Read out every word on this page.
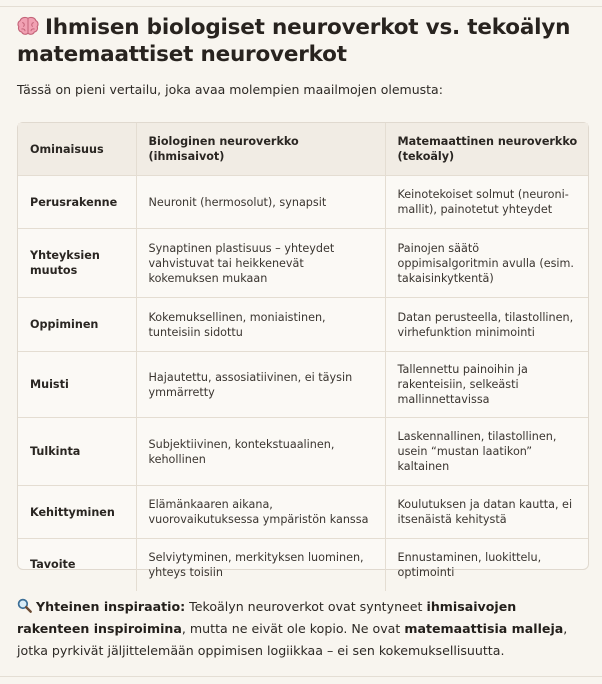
Ihmisen biologiset neuroverkot vs. tekoälyn matemaattiset neuroverkot

Tässä on pieni vertailu, joka avaa molempien maailmojen olemusta:

Ominaisuus	Biologinen neuroverkko (ihmisaivot)	Matemaattinen neuroverkko (tekoäly)
Perusrakenne	Neuronit (hermosolut), synapsit	Keinotekoiset solmut (neuroni-mallit), painotetut yhteydet
Yhteyksien muutos	Synaptinen plastisuus – yhteydet vahvistuvat tai heikkenevät kokemuksen mukaan	Painojen säätö oppimisalgoritmin avulla (esim. takaisinkytkentä)
Oppiminen	Kokemuksellinen, moniaistinen, tunteisiin sidottu	Datan perusteella, tilastollinen, virhefunktion minimointi
Muisti	Hajautettu, assosiatiivinen, ei täysin ymmärretty	Tallennettu painoihin ja rakenteisiin, selkeästi mallinnettavissa
Tulkinta	Subjektiivinen, kontekstuaalinen, kehollinen	Laskennallinen, tilastollinen, usein “mustan laatikon” kaltainen
Kehittyminen	Elämänkaaren aikana, vuorovaikutuksessa ympäristön kanssa	Koulutuksen ja datan kautta, ei itsenäistä kehitystä
Tavoite	Selviytyminen, merkityksen luominen, yhteys toisiin	Ennustaminen, luokittelu, optimointi

Yhteinen inspiraatio: Tekoälyn neuroverkot ovat syntyneet ihmisaivojen rakenteen inspiroimina, mutta ne eivät ole kopio. Ne ovat matemaattisia malleja, jotka pyrkivät jäljittelemään oppimisen logiikkaa – ei sen kokemuksellisuutta.
